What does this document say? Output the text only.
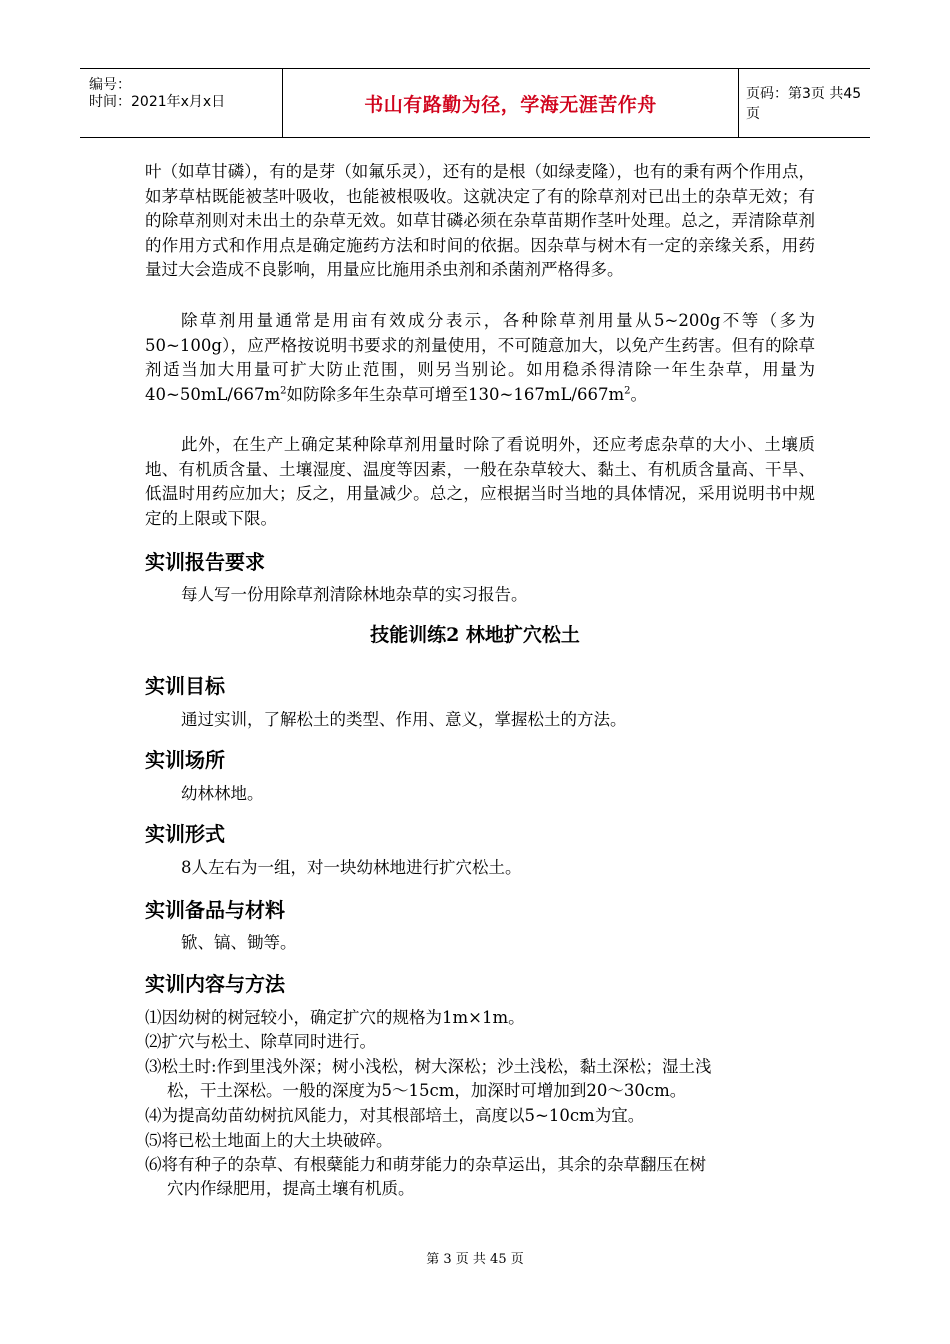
编号：
时间：2021年x月x日	书山有路勤为径，学海无涯苦作舟	页码：第3页 共45页
叶（如草甘磷），有的是芽（如氟乐灵），还有的是根（如绿麦隆），也有的秉有两个作用点，如茅草枯既能被茎叶吸收，也能被根吸收。这就决定了有的除草剂对已出土的杂草无效；有的除草剂则对未出土的杂草无效。如草甘磷必须在杂草苗期作茎叶处理。总之，弄清除草剂的作用方式和作用点是确定施药方法和时间的依据。因杂草与树木有一定的亲缘关系，用药量过大会造成不良影响，用量应比施用杀虫剂和杀菌剂严格得多。
除草剂用量通常是用亩有效成分表示，各种除草剂用量从5~200g不等（多为50~100g），应严格按说明书要求的剂量使用，不可随意加大，以免产生药害。但有的除草剂适当加大用量可扩大防止范围，则另当别论。如用稳杀得清除一年生杂草，用量为$40\sim 50mL/667m^2$如防除多年生杂草可增至$130\sim 167mL/667m^2$。
此外，在生产上确定某种除草剂用量时除了看说明外，还应考虑杂草的大小、土壤质地、有机质含量、土壤湿度、温度等因素，一般在杂草较大、黏土、有机质含量高、干旱、低温时用药应加大；反之，用量减少。总之，应根据当时当地的具体情况，采用说明书中规定的上限或下限。
实训报告要求
每人写一份用除草剂清除林地杂草的实习报告。
技能训练2 林地扩穴松土
实训目标
通过实训，了解松土的类型、作用、意义，掌握松土的方法。
实训场所
幼林林地。
实训形式
8人左右为一组，对一块幼林地进行扩穴松土。
实训备品与材料
锨、镐、锄等。
实训内容与方法
⑴因幼树的树冠较小，确定扩穴的规格为1m×1m。
⑵扩穴与松土、除草同时进行。
⑶松土时:作到里浅外深；树小浅松，树大深松；沙土浅松，黏土深松；湿土浅
松，干土深松。一般的深度为5～15cm，加深时可增加到20～30cm。
⑷为提高幼苗幼树抗风能力，对其根部培土，高度以5~10cm为宜。
⑸将已松土地面上的大土块破碎。
⑹将有种子的杂草、有根蘖能力和萌芽能力的杂草运出，其余的杂草翻压在树
穴内作绿肥用，提高土壤有机质。
第 3 页 共 45 页
